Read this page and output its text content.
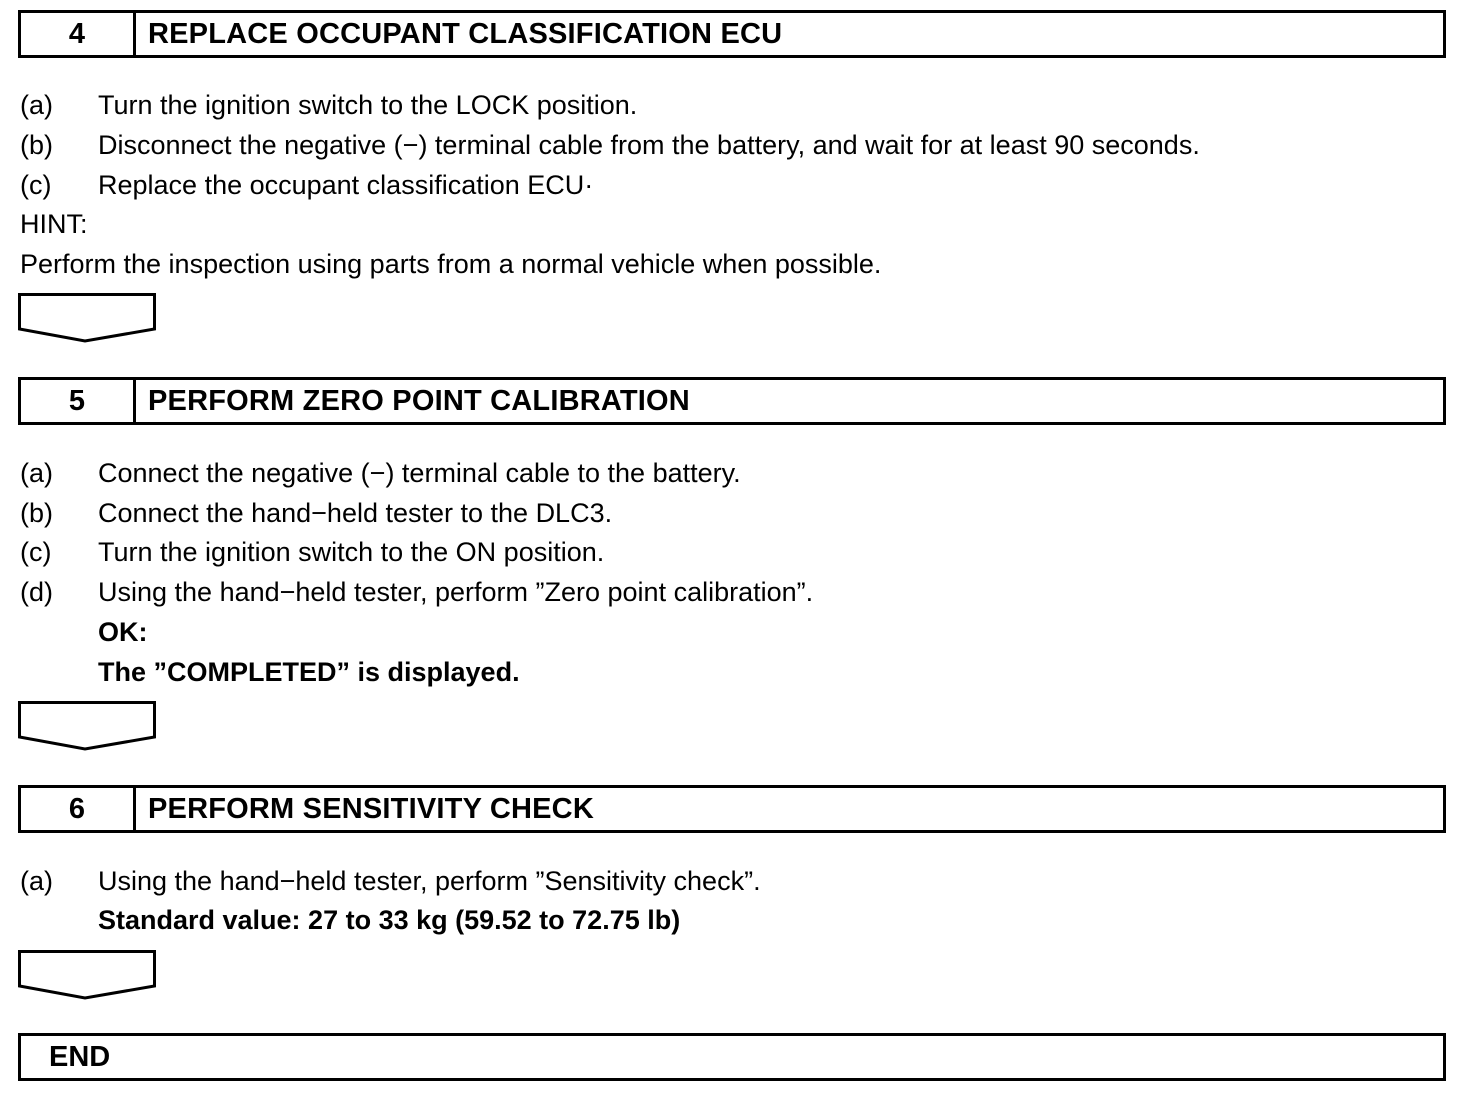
4	REPLACE OCCUPANT CLASSIFICATION ECU
(a) Turn the ignition switch to the LOCK position.
(b) Disconnect the negative (−) terminal cable from the battery, and wait for at least 90 seconds.
(c) Replace the occupant classification ECU·
HINT:
Perform the inspection using parts from a normal vehicle when possible.
5	PERFORM ZERO POINT CALIBRATION
(a) Connect the negative (−) terminal cable to the battery.
(b) Connect the hand−held tester to the DLC3.
(c) Turn the ignition switch to the ON position.
(d) Using the hand−held tester, perform ”Zero point calibration”.
OK:
The ”COMPLETED” is displayed.
6	PERFORM SENSITIVITY CHECK
(a) Using the hand−held tester, perform ”Sensitivity check”.
Standard value: 27 to 33 kg (59.52 to 72.75 lb)
END
